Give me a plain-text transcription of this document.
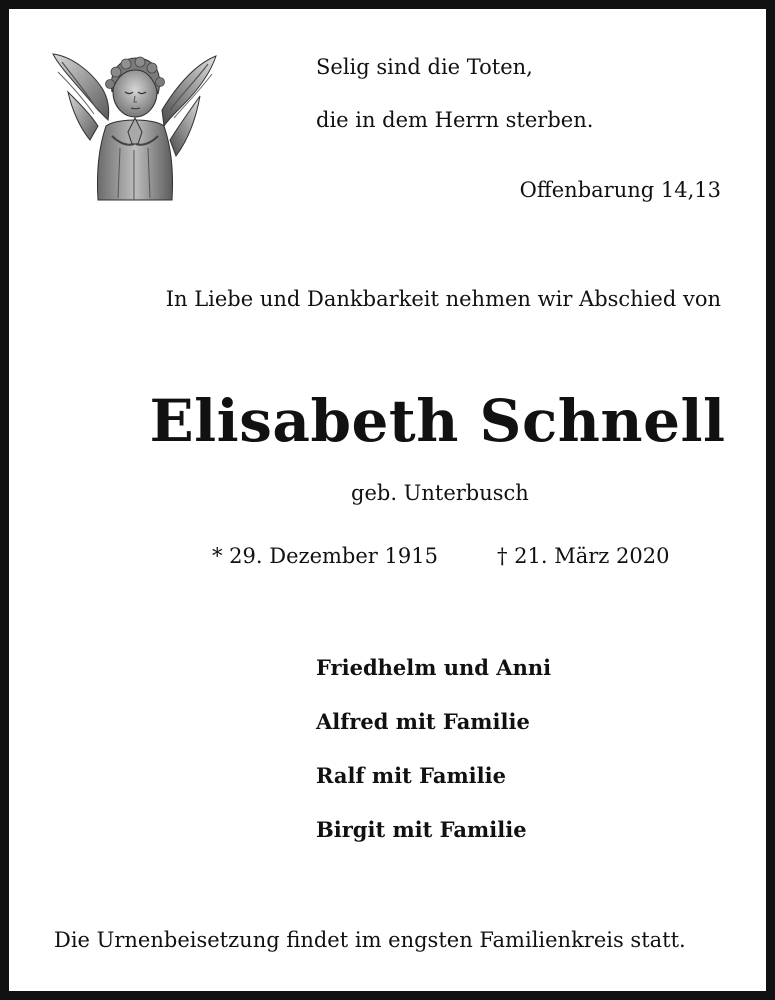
Selig sind die Toten,
die in dem Herrn sterben.
Offenbarung 14,13
In Liebe und Dankbarkeit nehmen wir Abschied von
Elisabeth Schnell
geb. Unterbusch
* 29. Dezember 1915	† 21. März 2020
Friedhelm und Anni
Alfred mit Familie
Ralf mit Familie
Birgit mit Familie
Die Urnenbeisetzung findet im engsten Familienkreis statt.
